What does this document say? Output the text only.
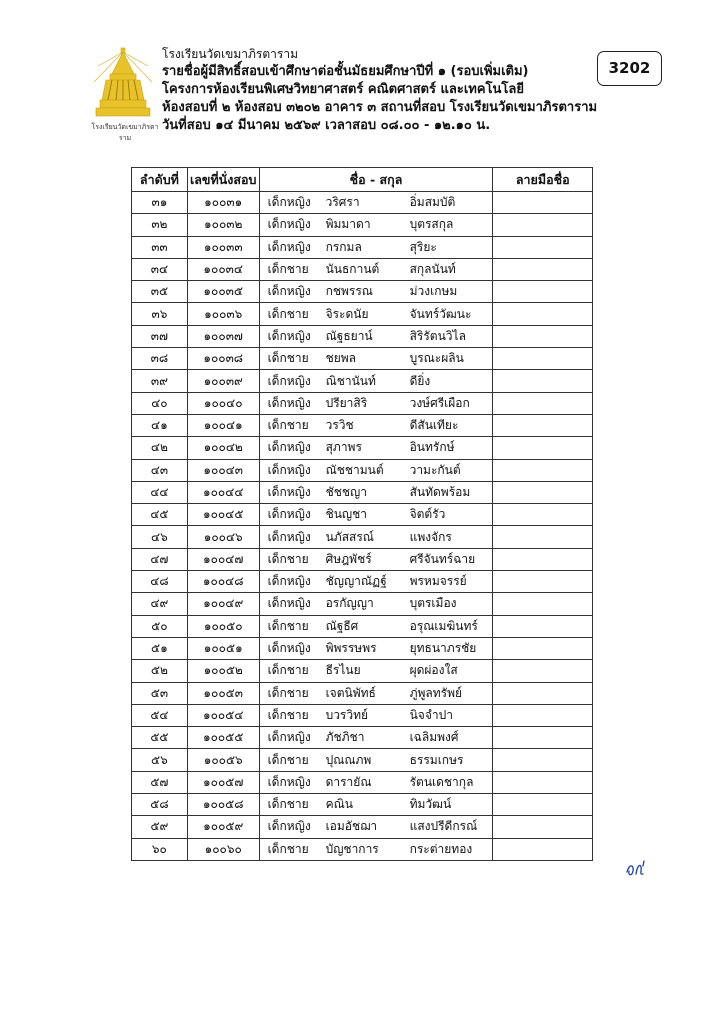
โรงเรียนวัดเขมาภิรตาราม
โรงเรียนวัดเขมาภิรตาราม
รายชื่อผู้มีสิทธิ์สอบเข้าศึกษาต่อชั้นมัธยมศึกษาปีที่ ๑ (รอบเพิ่มเติม)
โครงการห้องเรียนพิเศษวิทยาศาสตร์ คณิตศาสตร์ และเทคโนโลยี
ห้องสอบที่ ๒ ห้องสอบ ๓๒๐๒ อาคาร ๓ สถานที่สอบ โรงเรียนวัดเขมาภิรตาราม
วันที่สอบ ๑๔ มีนาคม ๒๕๖๙ เวลาสอบ ๐๘.๐๐ - ๑๒.๑๐ น.
3202
ลำดับที่	เลขที่นั่งสอบ	ชื่อ - สกุล	ลายมือชื่อ
๓๑	๑๐๐๓๑	เด็กหญิง วริศรา อิ่มสมบัติ	

๓๒	๑๐๐๓๒	เด็กหญิง พิมมาดา บุตรสกุล	

๓๓	๑๐๐๓๓	เด็กหญิง กรกมล สุริยะ	

๓๔	๑๐๐๓๔	เด็กชาย นันธกานต์ สกุลนันท์	

๓๕	๑๐๐๓๕	เด็กหญิง กชพรรณ ม่วงเกษม	

๓๖	๑๐๐๓๖	เด็กชาย จิระดนัย จันทร์วัฒนะ	

๓๗	๑๐๐๓๗	เด็กหญิง ณัฐธยาน์ สิริรัตนวิไล	

๓๘	๑๐๐๓๘	เด็กชาย ชยพล บูรณะผลิน	

๓๙	๑๐๐๓๙	เด็กหญิง ณิชานันท์ ดียิ่ง	

๔๐	๑๐๐๔๐	เด็กหญิง ปรียาสิริ วงษ์ศรีเผือก	

๔๑	๑๐๐๔๑	เด็กชาย วรวิช ดีสันเทียะ	

๔๒	๑๐๐๔๒	เด็กหญิง สุภาพร อินทรักษ์	

๔๓	๑๐๐๔๓	เด็กหญิง ณัชชามนต์ วามะกันต์	

๔๔	๑๐๐๔๔	เด็กหญิง ชัชชญา สันทัดพร้อม	

๔๕	๑๐๐๔๕	เด็กหญิง ชินญชา จิตต์รัว	

๔๖	๑๐๐๔๖	เด็กหญิง นภัสสรณ์ แพงจักร	

๔๗	๑๐๐๔๗	เด็กชาย ศิษฎพัชร์ ศรีจันทร์ฉาย	

๔๘	๑๐๐๔๘	เด็กหญิง ชัญญาณัฏฐ์ พรหมจรรย์	

๔๙	๑๐๐๔๙	เด็กหญิง อรกัญญา บุตรเมือง	

๕๐	๑๐๐๕๐	เด็กชาย ณัฐธีศ อรุณเมฆินทร์	

๕๑	๑๐๐๕๑	เด็กหญิง พิพรรษพร ยุทธนาภรชัย	

๕๒	๑๐๐๕๒	เด็กชาย ธีรไนย ผุดผ่องใส	

๕๓	๑๐๐๕๓	เด็กชาย เจตนิพัทธ์ ภู่พูลทรัพย์	

๕๔	๑๐๐๕๔	เด็กชาย บวรวิทย์ นิจจำปา	

๕๕	๑๐๐๕๕	เด็กหญิง ภัชภิชา เฉลิมพงศ์	

๕๖	๑๐๐๕๖	เด็กชาย ปุณณภพ ธรรมเกษร	

๕๗	๑๐๐๕๗	เด็กหญิง ดารายัณ รัตนเดชากุล	

๕๘	๑๐๐๕๘	เด็กชาย คณิน ทิมวัฒน์	

๕๙	๑๐๐๕๙	เด็กหญิง เอมอัชฌา แสงปรีดีกรณ์	

๖๐	๑๐๐๖๐	เด็กชาย บัญชาการ กระต่ายทอง	
